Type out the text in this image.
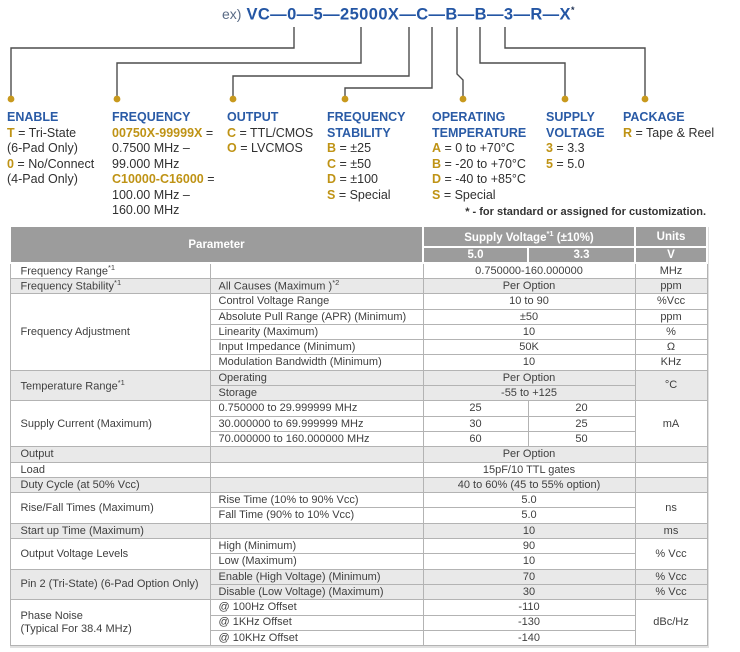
ex) VC—0—5—25000X—C—B—B—3—R—X*
ENABLE
T = Tri-State
(6-Pad Only)
0 = No/Connect
(4-Pad Only)
FREQUENCY
00750X-99999X =
0.7500 MHz –
99.000 MHz
C10000-C16000 =
100.00 MHz –
160.00 MHz
OUTPUT
C = TTL/CMOS
O = LVCMOS
FREQUENCY
STABILITY
B = ±25
C = ±50
D = ±100
S = Special
OPERATING
TEMPERATURE
A = 0 to +70°C
B = -20 to +70°C
D = -40 to +85°C
S = Special
SUPPLY
VOLTAGE
3 = 3.3
5 = 5.0
PACKAGE
R = Tape & Reel
* - for standard or assigned for customization.
Parameter		Supply Voltage$^{*1}$ (±10%)		Units
		5.0	3.3	V
Frequency Range$^{*1}$		0.750000-160.000000		MHz
Frequency Stability$^{*1}$	All Causes (Maximum )$^{*2}$	Per Option		ppm
Frequency Adjustment	Control Voltage Range	10 to 90		%Vcc
	Absolute Pull Range (APR) (Minimum)	±50		ppm
	Linearity (Maximum)	10		%
	Input Impedance (Minimum)	50K		Ω
	Modulation Bandwidth (Minimum)	10		KHz
Temperature Range$^{*1}$	Operating	Per Option		°C
	Storage	-55 to +125		
Supply Current (Maximum)	0.750000 to 29.999999 MHz	25	20	mA
	30.000000 to 69.999999 MHz	30	25	
	70.000000 to 160.000000 MHz	60	50	
Output		Per Option		
Load		15pF/10 TTL gates		
Duty Cycle (at 50% Vcc)		40 to 60% (45 to 55% option)		
Rise/Fall Times (Maximum)	Rise Time (10% to 90% Vcc)	5.0		ns
	Fall Time (90% to 10% Vcc)	5.0		
Start up Time (Maximum)		10		ms
Output Voltage Levels	High (Minimum)	90		% Vcc
	Low (Maximum)	10		
Pin 2 (Tri-State) (6-Pad Option Only)	Enable (High Voltage) (Minimum)	70		% Vcc
	Disable (Low Voltage) (Maximum)	30		% Vcc

Phase Noise
(Typical For 38.4 MHz)	@ 100Hz Offset	-110		dBc/Hz
	@ 1KHz Offset	-130		
	@ 10KHz Offset	-140		
